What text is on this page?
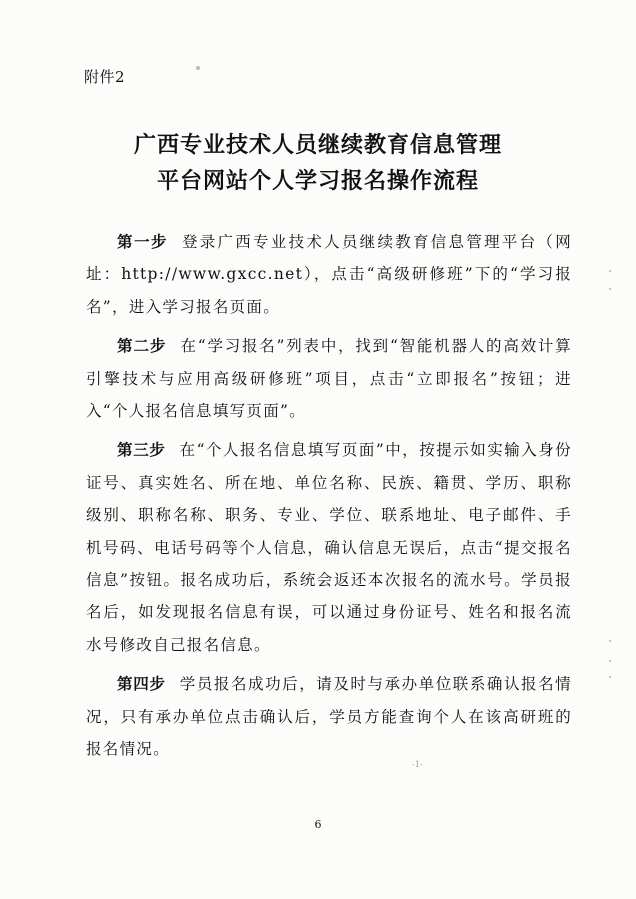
附件2
广西专业技术人员继续教育信息管理
平台网站个人学习报名操作流程

第一步 登录广西专业技术人员继续教育信息管理平台（网址：http://www.gxcc.net），点击“高级研修班”下的“学习报名”，进入学习报名页面。

第二步 在“学习报名”列表中，找到“智能机器人的高效计算引擎技术与应用高级研修班”项目，点击“立即报名”按钮；进入“个人报名信息填写页面”。

第三步 在“个人报名信息填写页面”中，按提示如实输入身份证号、真实姓名、所在地、单位名称、民族、籍贯、学历、职称级别、职称名称、职务、专业、学位、联系地址、电子邮件、手机号码、电话号码等个人信息，确认信息无误后，点击“提交报名信息”按钮。报名成功后，系统会返还本次报名的流水号。学员报名后，如发现报名信息有误，可以通过身份证号、姓名和报名流水号修改自己报名信息。

第四步 学员报名成功后，请及时与承办单位联系确认报名情况，只有承办单位点击确认后，学员方能查询个人在该高研班的报名情况。

-1-
6
